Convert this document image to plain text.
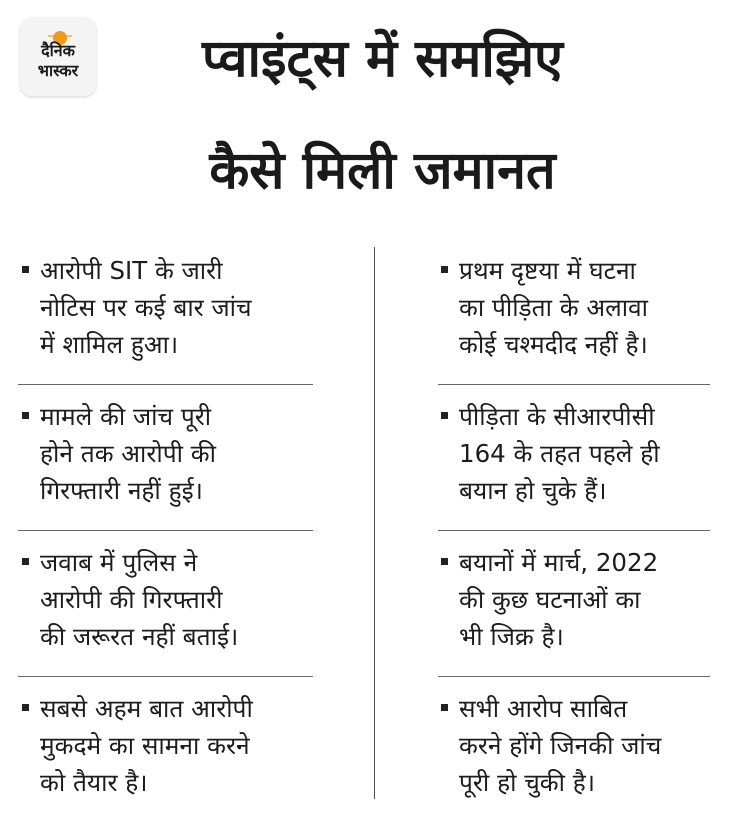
दैनिक
भास्कर	प्वाइंट्स में समझिए
कैसे मिली जमानत
आरोपी SIT के जारी
नोटिस पर कई बार जांच
में शामिल हुआ।
मामले की जांच पूरी
होने तक आरोपी की
गिरफ्तारी नहीं हुई।
जवाब में पुलिस ने
आरोपी की गिरफ्तारी
की जरूरत नहीं बताई।
सबसे अहम बात आरोपी
मुकदमे का सामना करने
को तैयार है।
प्रथम दृष्टया में घटना
का पीड़िता के अलावा
कोई चश्मदीद नहीं है।
पीड़िता के सीआरपीसी
164 के तहत पहले ही
बयान हो चुके हैं।
बयानों में मार्च, 2022
की कुछ घटनाओं का
भी जिक्र है।
सभी आरोप साबित
करने होंगे जिनकी जांच
पूरी हो चुकी है।
